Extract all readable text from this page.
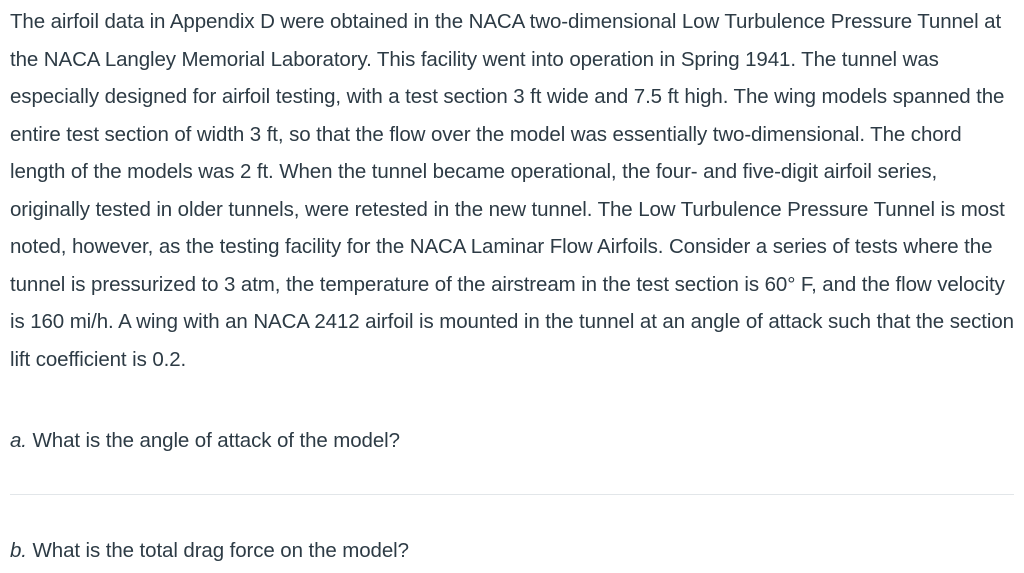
The airfoil data in Appendix D were obtained in the NACA two-dimensional Low Turbulence Pressure Tunnel at the NACA Langley Memorial Laboratory. This facility went into operation in Spring 1941. The tunnel was especially designed for airfoil testing, with a test section 3 ft wide and 7.5 ft high. The wing models spanned the entire test section of width 3 ft, so that the flow over the model was essentially two-dimensional. The chord length of the models was 2 ft. When the tunnel became operational, the four- and five-digit airfoil series, originally tested in older tunnels, were retested in the new tunnel. The Low Turbulence Pressure Tunnel is most noted, however, as the testing facility for the NACA Laminar Flow Airfoils. Consider a series of tests where the tunnel is pressurized to 3 atm, the temperature of the airstream in the test section is 60° F, and the flow velocity is 160 mi/h. A wing with an NACA 2412 airfoil is mounted in the tunnel at an angle of attack such that the section lift coefficient is 0.2.

a. What is the angle of attack of the model?

b. What is the total drag force on the model?
